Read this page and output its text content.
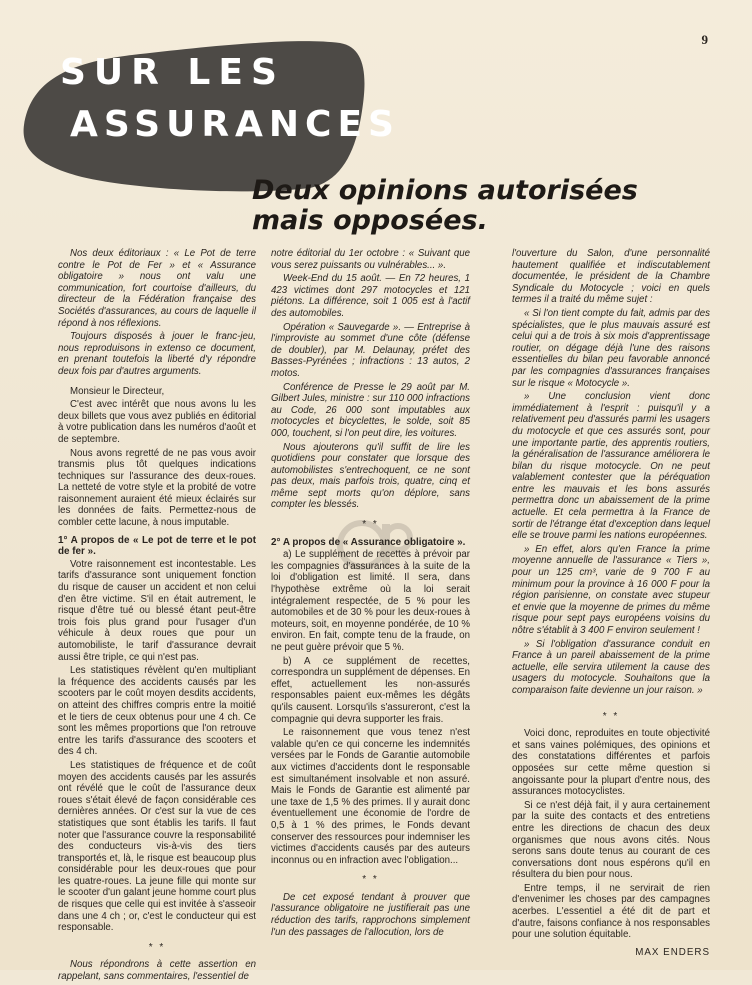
9
SUR LES
ASSURANCES
Deux opinions autorisées
mais opposées.

Nos deux éditoriaux : « Le Pot de terre contre le Pot de Fer » et « Assurance obligatoire » nous ont valu une communication, fort courtoise d'ailleurs, du directeur de la Fédération française des Sociétés d'assurances, au cours de laquelle il répond à nos réflexions.

Toujours disposés à jouer le franc-jeu, nous reproduisons in extenso ce document, en prenant toutefois la liberté d'y répondre deux fois par d'autres arguments.

Monsieur le Directeur,

C'est avec intérêt que nous avons lu les deux billets que vous avez publiés en éditorial à votre publication dans les numéros d'août et de septembre.

Nous avons regretté de ne pas vous avoir transmis plus tôt quelques indications techniques sur l'assurance des deux-roues. La netteté de votre style et la probité de votre raisonnement auraient été mieux éclairés sur les données de faits. Permettez-nous de combler cette lacune, à nous imputable.

1° A propos de « Le pot de terre et le pot de fer ».

Votre raisonnement est incontestable. Les tarifs d'assurance sont uniquement fonction du risque de causer un accident et non celui d'en être victime. S'il en était autrement, le risque d'être tué ou blessé étant peut-être trois fois plus grand pour l'usager d'un véhicule à deux roues que pour un automobiliste, le tarif d'assurance devrait aussi être triple, ce qui n'est pas.

Les statistiques révèlent qu'en multipliant la fréquence des accidents causés par les scooters par le coût moyen desdits accidents, on atteint des chiffres compris entre la moitié et le tiers de ceux obtenus pour une 4 ch. Ce sont les mêmes proportions que l'on retrouve entre les tarifs d'assurance des scooters et des 4 ch.

Les statistiques de fréquence et de coût moyen des accidents causés par les assurés ont révélé que le coût de l'assurance deux roues s'était élevé de façon considérable ces dernières années. Or c'est sur la vue de ces statistiques que sont établis les tarifs. Il faut noter que l'assurance couvre la responsabilité des conducteurs vis-à-vis des tiers transportés et, là, le risque est beaucoup plus considérable pour les deux-roues que pour les quatre-roues. La jeune fille qui monte sur le scooter d'un galant jeune homme court plus de risques que celle qui est invitée à s'asseoir dans une 4 ch ; or, c'est le conducteur qui est responsable.

* *

Nous répondrons à cette assertion en rappelant, sans commentaires, l'essentiel de

notre éditorial du 1er octobre : « Suivant que vous serez puissants ou vulnérables... ».

Week-End du 15 août. — En 72 heures, 1 423 victimes dont 297 motocycles et 121 piétons. La différence, soit 1 005 est à l'actif des automobiles.

Opération « Sauvegarde ». — Entreprise à l'improviste au sommet d'une côte (défense de doubler), par M. Delaunay, préfet des Basses-Pyrénées ; infractions : 13 autos, 2 motos.

Conférence de Presse le 29 août par M. Gilbert Jules, ministre : sur 110 000 infractions au Code, 26 000 sont imputables aux motocycles et bicyclettes, le solde, soit 85 000, touchent, si l'on peut dire, les voitures.

Nous ajouterons qu'il suffit de lire les quotidiens pour constater que lorsque des automobilistes s'entrechoquent, ce ne sont pas deux, mais parfois trois, quatre, cinq et même sept morts qu'on déplore, sans compter les blessés.

* *
2° A propos de « Assurance obligatoire ».

a) Le supplément de recettes à prévoir par les compagnies d'assurances à la suite de la loi d'obligation est limité. Il sera, dans l'hypothèse extrême où la loi serait intégralement respectée, de 5 % pour les automobiles et de 30 % pour les deux-roues à moteurs, soit, en moyenne pondérée, de 10 % environ. En fait, compte tenu de la fraude, on ne peut guère prévoir que 5 %.

b) A ce supplément de recettes, correspondra un supplément de dépenses. En effet, actuellement les non-assurés responsables paient eux-mêmes les dégâts qu'ils causent. Lorsqu'ils s'assureront, c'est la compagnie qui devra supporter les frais.

Le raisonnement que vous tenez n'est valable qu'en ce qui concerne les indemnités versées par le Fonds de Garantie automobile aux victimes d'accidents dont le responsable est simultanément insolvable et non assuré. Mais le Fonds de Garantie est alimenté par une taxe de 1,5 % des primes. Il y aurait donc éventuellement une économie de l'ordre de 0,5 à 1 % des primes, le Fonds devant conserver des ressources pour indemniser les victimes d'accidents causés par des auteurs inconnus ou en infraction avec l'obligation...

* *

De cet exposé tendant à prouver que l'assurance obligatoire ne justifierait pas une réduction des tarifs, rapprochons simplement l'un des passages de l'allocution, lors de

l'ouverture du Salon, d'une personnalité hautement qualifiée et indiscutablement documentée, le président de la Chambre Syndicale du Motocycle ; voici en quels termes il a traité du même sujet :

« Si l'on tient compte du fait, admis par des spécialistes, que le plus mauvais assuré est celui qui a de trois à six mois d'apprentissage routier, on dégage déjà l'une des raisons essentielles du bilan peu favorable annoncé par les compagnies d'assurances françaises sur le risque « Motocycle ».

» Une conclusion vient donc immédiatement à l'esprit : puisqu'il y a relativement peu d'assurés parmi les usagers du motocycle et que ces assurés sont, pour une importante partie, des apprentis routiers, la généralisation de l'assurance améliorera le bilan du risque motocycle. On ne peut valablement contester que la péréquation entre les mauvais et les bons assurés permettra donc un abaissement de la prime actuelle. Et cela permettra à la France de sortir de l'étrange état d'exception dans lequel elle se trouve parmi les nations européennes.

» En effet, alors qu'en France la prime moyenne annuelle de l'assurance « Tiers », pour un 125 cm³, varie de 9 700 F au minimum pour la province à 16 000 F pour la région parisienne, on constate avec stupeur et envie que la moyenne de primes du même risque pour sept pays européens voisins du nôtre s'établit à 3 400 F environ seulement !

» Si l'obligation d'assurance conduit en France à un pareil abaissement de la prime actuelle, elle servira utilement la cause des usagers du motocycle. Souhaitons que la comparaison faite devienne un jour raison. »

* *

Voici donc, reproduites en toute objectivité et sans vaines polémiques, des opinions et des constatations différentes et parfois opposées sur cette même question si angoissante pour la plupart d'entre nous, des assurances motocyclistes.

Si ce n'est déjà fait, il y aura certainement par la suite des contacts et des entretiens entre les directions de chacun des deux organismes que nous avons cités. Nous serons sans doute tenus au courant de ces conversations dont nous espérons qu'il en résultera du bien pour nous.

Entre temps, il ne servirait de rien d'envenimer les choses par des campagnes acerbes. L'essentiel a été dit de part et d'autre, faisons confiance à nos responsables pour une solution équitable.

MAX ENDERS
